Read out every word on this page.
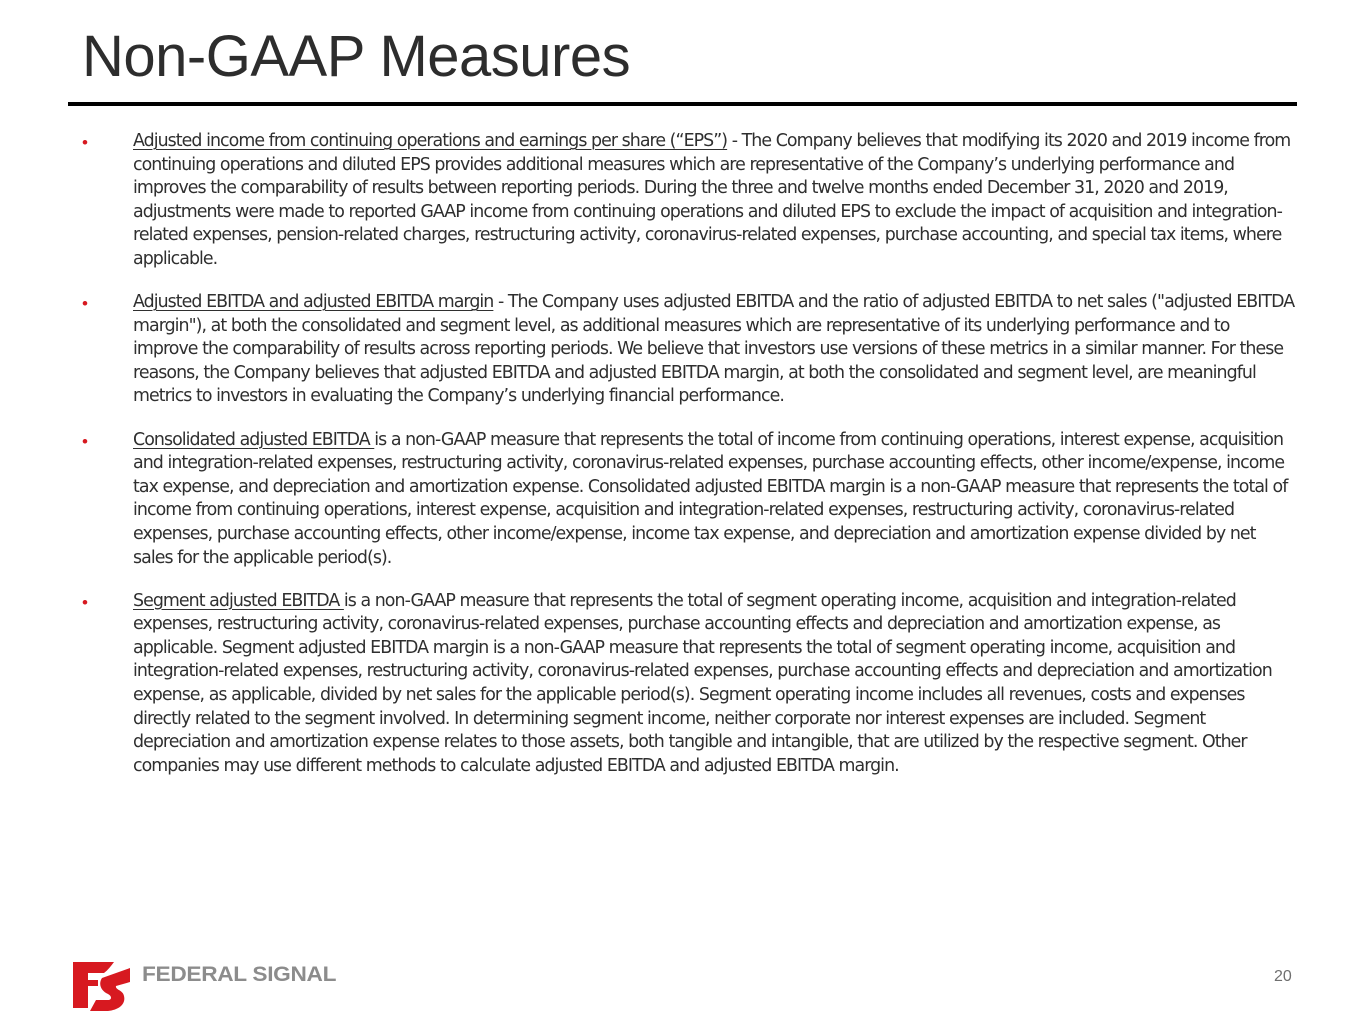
Non-GAAP Measures
•	Adjusted income from continuing operations and earnings per share (“EPS”) - The Company believes that modifying its 2020 and 2019 income from continuing operations and diluted EPS provides additional measures which are representative of the Company’s underlying performance and improves the comparability of results between reporting periods. During the three and twelve months ended December 31, 2020 and 2019, adjustments were made to reported GAAP income from continuing operations and diluted EPS to exclude the impact of acquisition and integration-related expenses, pension-related charges, restructuring activity, coronavirus-related expenses, purchase accounting, and special tax items, where applicable.
•	Adjusted EBITDA and adjusted EBITDA margin - The Company uses adjusted EBITDA and the ratio of adjusted EBITDA to net sales ("adjusted EBITDA margin"), at both the consolidated and segment level, as additional measures which are representative of its underlying performance and to improve the comparability of results across reporting periods. We believe that investors use versions of these metrics in a similar manner. For these reasons, the Company believes that adjusted EBITDA and adjusted EBITDA margin, at both the consolidated and segment level, are meaningful metrics to investors in evaluating the Company’s underlying financial performance.
•	Consolidated adjusted EBITDA is a non-GAAP measure that represents the total of income from continuing operations, interest expense, acquisition and integration-related expenses, restructuring activity, coronavirus-related expenses, purchase accounting effects, other income/expense, income tax expense, and depreciation and amortization expense. Consolidated adjusted EBITDA margin is a non-GAAP measure that represents the total of income from continuing operations, interest expense, acquisition and integration-related expenses, restructuring activity, coronavirus-related expenses, purchase accounting effects, other income/expense, income tax expense, and depreciation and amortization expense divided by net sales for the applicable period(s).
•	Segment adjusted EBITDA is a non-GAAP measure that represents the total of segment operating income, acquisition and integration-related expenses, restructuring activity, coronavirus-related expenses, purchase accounting effects and depreciation and amortization expense, as applicable. Segment adjusted EBITDA margin is a non-GAAP measure that represents the total of segment operating income, acquisition and integration-related expenses, restructuring activity, coronavirus-related expenses, purchase accounting effects and depreciation and amortization expense, as applicable, divided by net sales for the applicable period(s). Segment operating income includes all revenues, costs and expenses directly related to the segment involved. In determining segment income, neither corporate nor interest expenses are included. Segment depreciation and amortization expense relates to those assets, both tangible and intangible, that are utilized by the respective segment. Other companies may use different methods to calculate adjusted EBITDA and adjusted EBITDA margin.
FEDERAL SIGNAL	20
